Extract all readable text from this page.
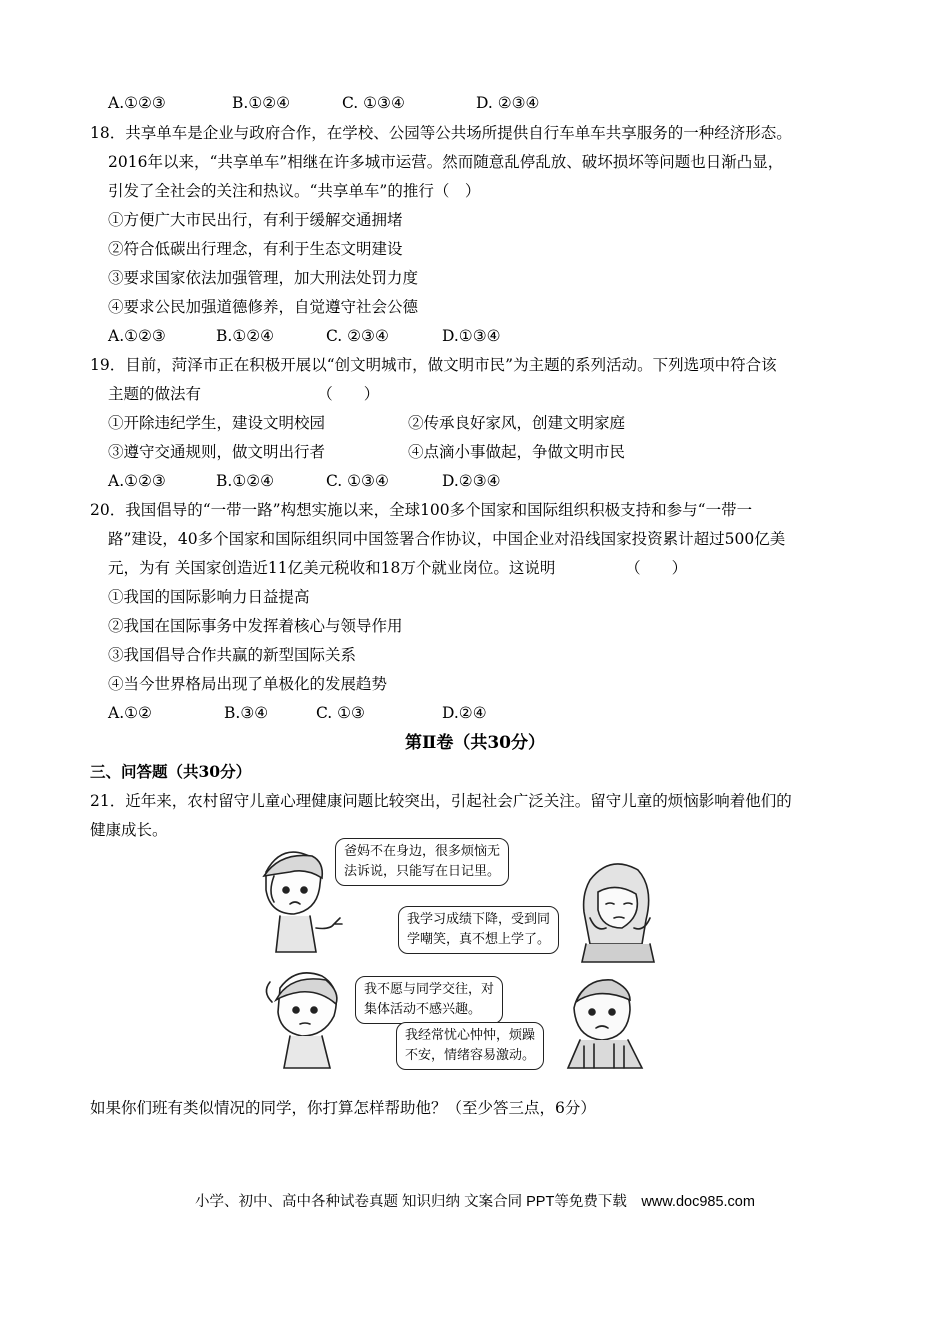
A.①②③	B.①②④	C. ①③④	D. ②③④
18．共享单车是企业与政府合作，在学校、公园等公共场所提供自行车单车共享服务的一种经济形态。
2016年以来，“共享单车”相继在许多城市运营。然而随意乱停乱放、破坏损坏等问题也日渐凸显，
引发了全社会的关注和热议。“共享单车”的推行（　）
①方便广大市民出行，有利于缓解交通拥堵
②符合低碳出行理念，有利于生态文明建设
③要求国家依法加强管理，加大刑法处罚力度
④要求公民加强道德修养，自觉遵守社会公德
A.①②③	B.①②④	C. ②③④	D.①③④
19．目前，菏泽市正在积极开展以“创文明城市，做文明市民”为主题的系列活动。下列选项中符合该
主题的做法有　　　　　　　　（　　）
①开除违纪学生，建设文明校园	②传承良好家风，创建文明家庭
③遵守交通规则，做文明出行者	④点滴小事做起，争做文明市民
A.①②③	B.①②④	C. ①③④	D.②③④
20．我国倡导的“一带一路”构想实施以来，全球100多个国家和国际组织积极支持和参与“一带一
路”建设，40多个国家和国际组织同中国签署合作协议，中国企业对沿线国家投资累计超过500亿美
元，为有 关国家创造近11亿美元税收和18万个就业岗位。这说明　　　　　（　　）
①我国的国际影响力日益提高
②我国在国际事务中发挥着核心与领导作用
③我国倡导合作共赢的新型国际关系
④当今世界格局出现了单极化的发展趋势
A.①②	B.③④	C. ①③	D.②④
第Ⅱ卷（共30分）
三、问答题（共30分）
21．近年来，农村留守儿童心理健康问题比较突出，引起社会广泛关注。留守儿童的烦恼影响着他们的
健康成长。
爸妈不在身边，很多烦恼无
法诉说，只能写在日记里。
我学习成绩下降，受到同
学嘲笑，真不想上学了。
我不愿与同学交往，对
集体活动不感兴趣。
我经常忧心忡忡，烦躁
不安，情绪容易激动。
如果你们班有类似情况的同学，你打算怎样帮助他？（至少答三点，6分）
小学、初中、高中各种试卷真题 知识归纳 文案合同 PPT等免费下载　www.doc985.com
